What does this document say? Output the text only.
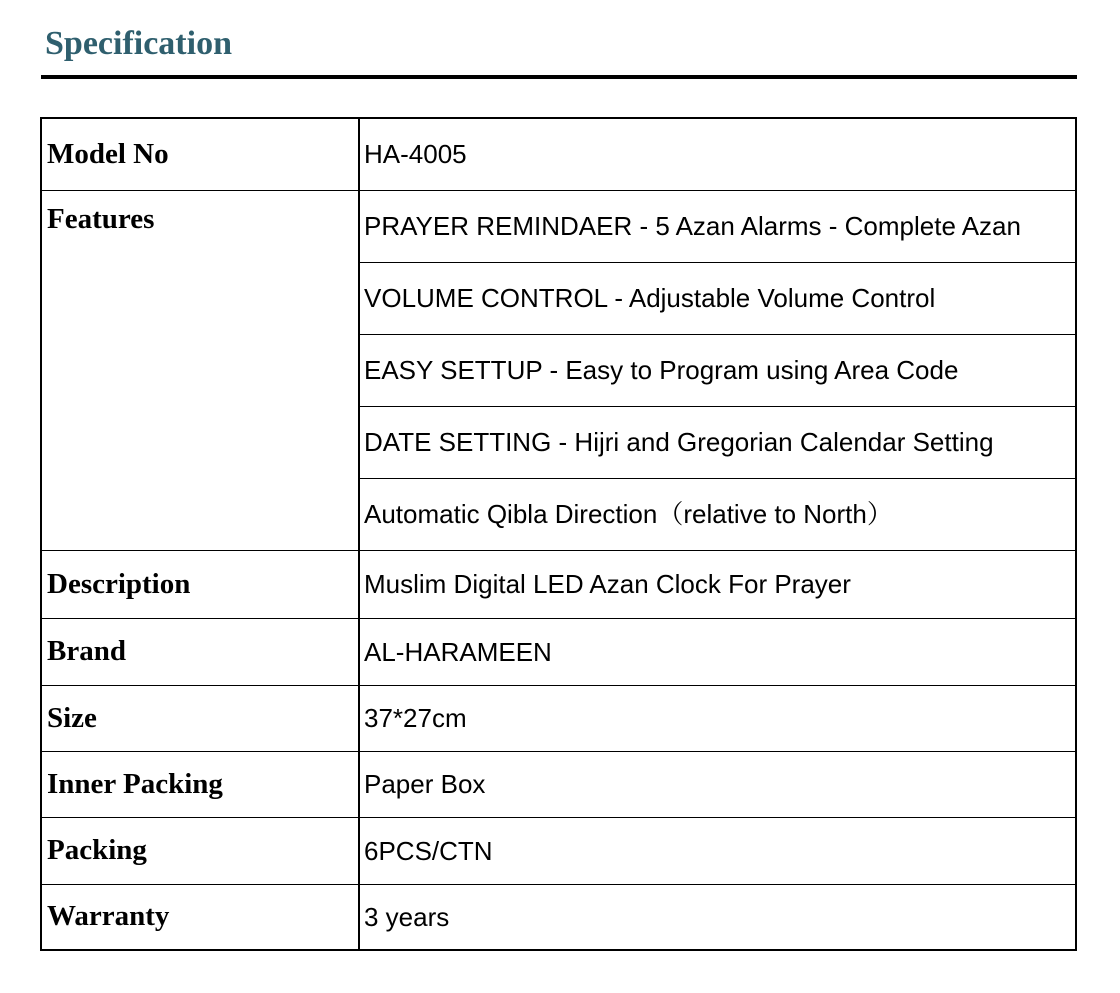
Specification
Model No	HA-4005
Features	PRAYER REMINDAER - 5 Azan Alarms - Complete Azan
	VOLUME CONTROL - Adjustable Volume Control
	EASY SETTUP - Easy to Program using Area Code
	DATE SETTING - Hijri and Gregorian Calendar Setting
	Automatic Qibla Direction（relative to North）
Description	Muslim Digital LED Azan Clock For Prayer
Brand	AL-HARAMEEN
Size	37*27cm
Inner Packing	Paper Box
Packing	6PCS/CTN
Warranty	3 years
